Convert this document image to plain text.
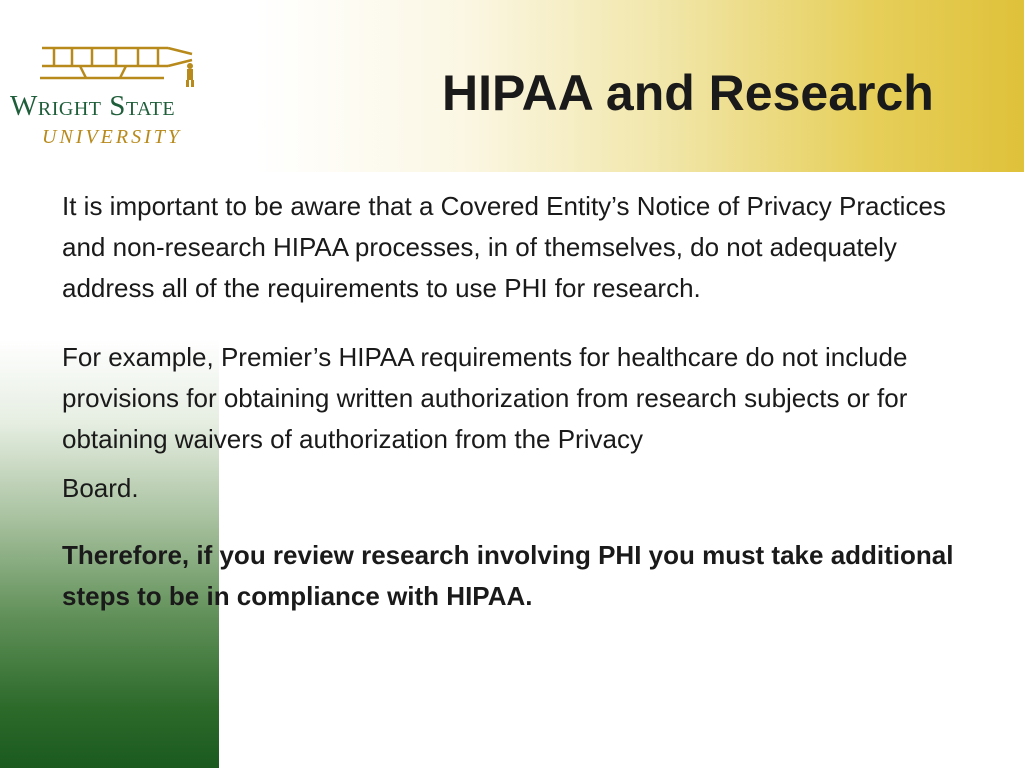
Wright State
UNIVERSITY
HIPAA and Research

It is important to be aware that a Covered Entity’s Notice of Privacy Practices and non-research HIPAA processes, in of themselves, do not adequately address all of the requirements to use PHI for research.

For example, Premier’s HIPAA requirements for healthcare do not include provisions for obtaining written authorization from research subjects or for obtaining waivers of authorization from the Privacy

Board.

Therefore, if you review research involving PHI you must take additional steps to be in compliance with HIPAA.
